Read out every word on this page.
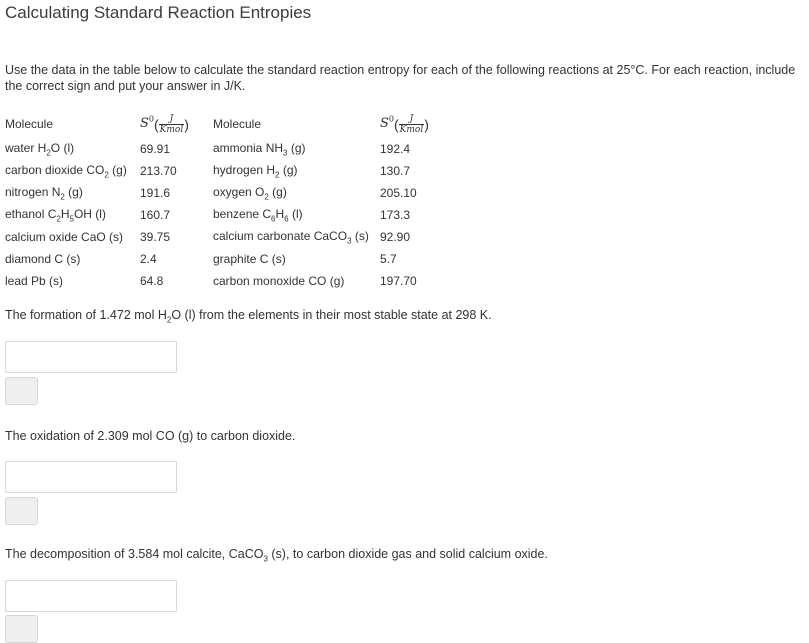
Calculating Standard Reaction Entropies
Use the data in the table below to calculate the standard reaction entropy for each of the following reactions at 25°C. For each reaction, include the correct sign and put your answer in J/K.
Molecule	$S^0( \frac{J}{\text{Kmol}}$ )	Molecule	$S^0( \frac{J}{\text{Kmol}}$ )
water $H_2O$ (l)	69.91	ammonia $NH_3$ (g)	192.4
carbon dioxide $CO_2$ (g)	213.70	hydrogen $H_2$ (g)	130.7
nitrogen $N_2$ (g)	191.6	oxygen $O_2$ (g)	205.10
ethanol $C_2H_5OH$ (l)	160.7	benzene $C_6H_6$ (l)	173.3
calcium oxide CaO (s)	39.75	calcium carbonate CaCO$_3$ (s)	92.90
diamond C (s)	2.4	graphite C (s)	5.7
lead Pb (s)	64.8	carbon monoxide CO (g)	197.70
The formation of 1.472 mol $H_2O$ (l) from the elements in their most stable state at 298 K.
The oxidation of 2.309 mol CO (g) to carbon dioxide.
The decomposition of 3.584 mol calcite, CaCO$_3$ (s), to carbon dioxide gas and solid calcium oxide.
